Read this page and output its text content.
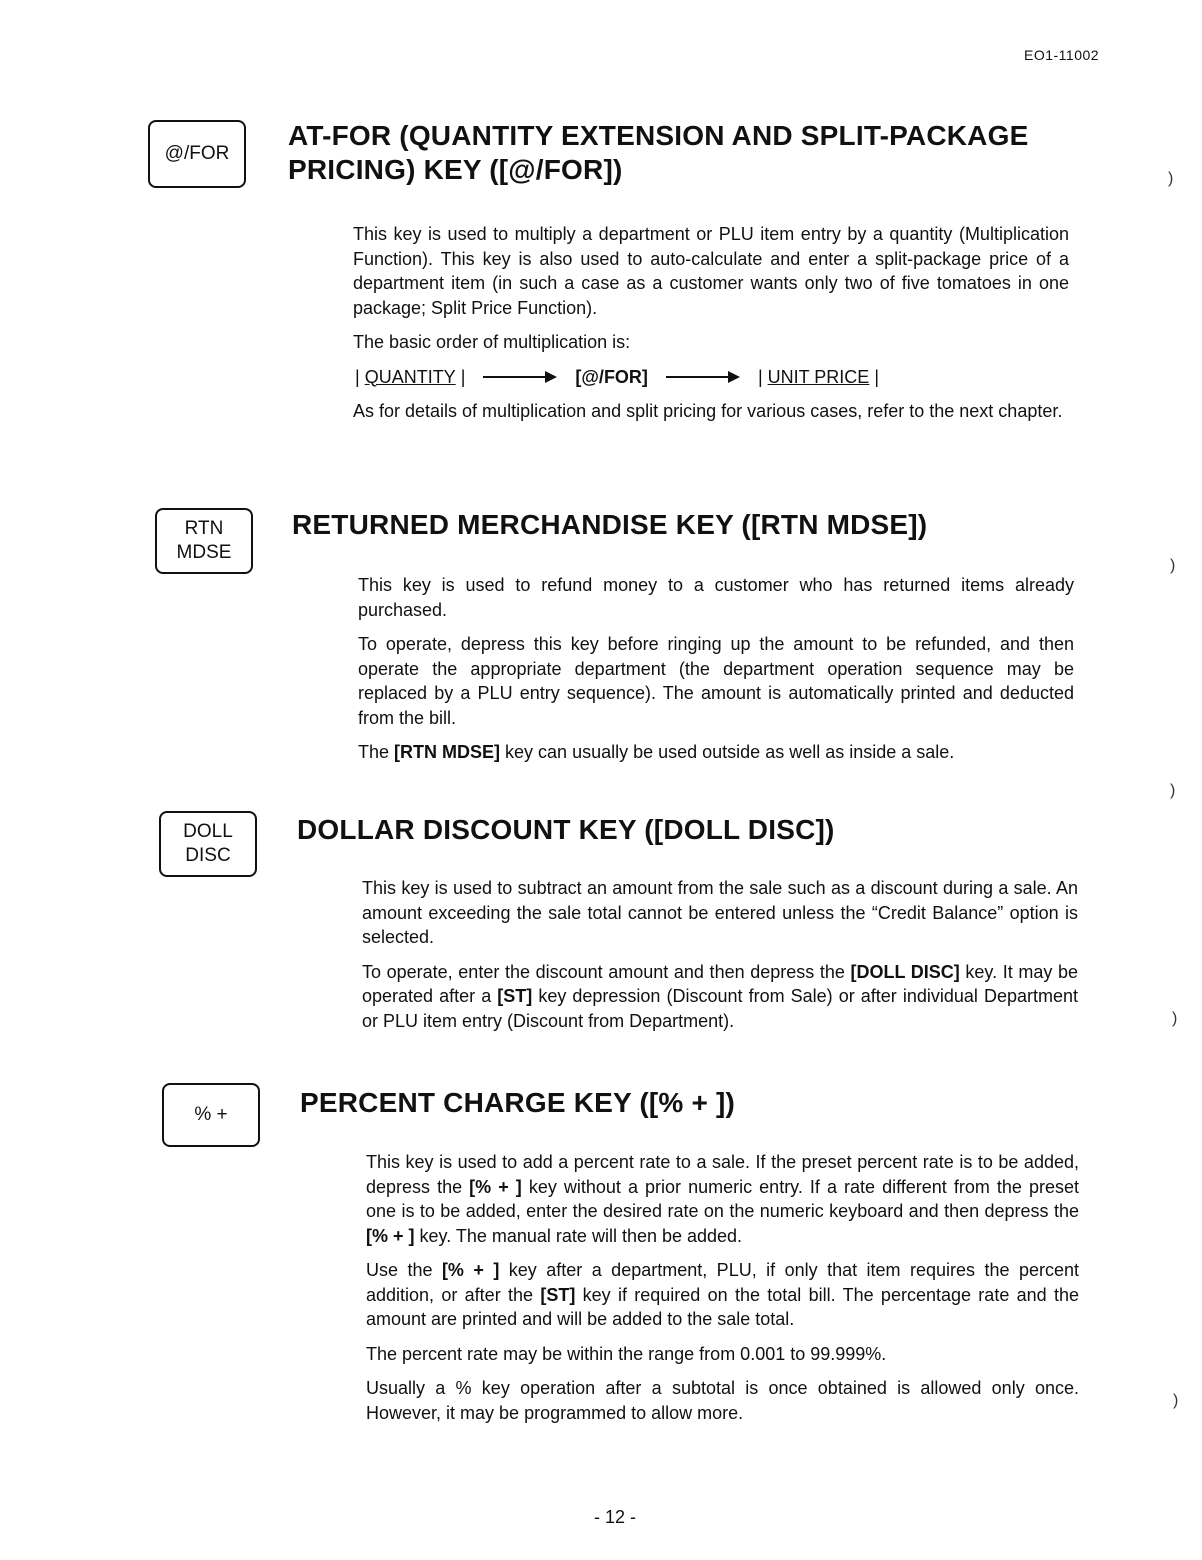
EO1-11002
@/FOR
AT-FOR (QUANTITY EXTENSION AND SPLIT-PACKAGE PRICING) KEY ([@/FOR])

This key is used to multiply a department or PLU item entry by a quantity (Multiplication Function). This key is also used to auto-calculate and enter a split-package price of a department item (in such a case as a customer wants only two of five tomatoes in one package; Split Price Function).

The basic order of multiplication is:

| QUANTITY |	[@/FOR]	| UNIT PRICE |

As for details of multiplication and split pricing for various cases, refer to the next chapter.

)
RTN
MDSE
RETURNED MERCHANDISE KEY ([RTN MDSE])

This key is used to refund money to a customer who has returned items already purchased.

To operate, depress this key before ringing up the amount to be refunded, and then operate the appropriate department (the department operation sequence may be replaced by a PLU entry sequence). The amount is automatically printed and deducted from the bill.

The [RTN MDSE] key can usually be used outside as well as inside a sale.

)
)
DOLL
DISC
DOLLAR DISCOUNT KEY ([DOLL DISC])

This key is used to subtract an amount from the sale such as a discount during a sale. An amount exceeding the sale total cannot be entered unless the “Credit Balance” option is selected.

To operate, enter the discount amount and then depress the [DOLL DISC] key. It may be operated after a [ST] key depression (Discount from Sale) or after individual Department or PLU item entry (Discount from Department).	)
% +	PERCENT CHARGE KEY ([% + ])

This key is used to add a percent rate to a sale. If the preset percent rate is to be added, depress the [% + ] key without a prior numeric entry. If a rate different from the preset one is to be added, enter the desired rate on the numeric keyboard and then depress the [% + ] key. The manual rate will then be added.

Use the [% + ] key after a department, PLU, if only that item requires the percent addition, or after the [ST] key if required on the total bill. The percentage rate and the amount are printed and will be added to the sale total.

The percent rate may be within the range from 0.001 to 99.999%.

Usually a % key operation after a subtotal is once obtained is allowed only once. However, it may be programmed to allow more.

)
- 12 -
